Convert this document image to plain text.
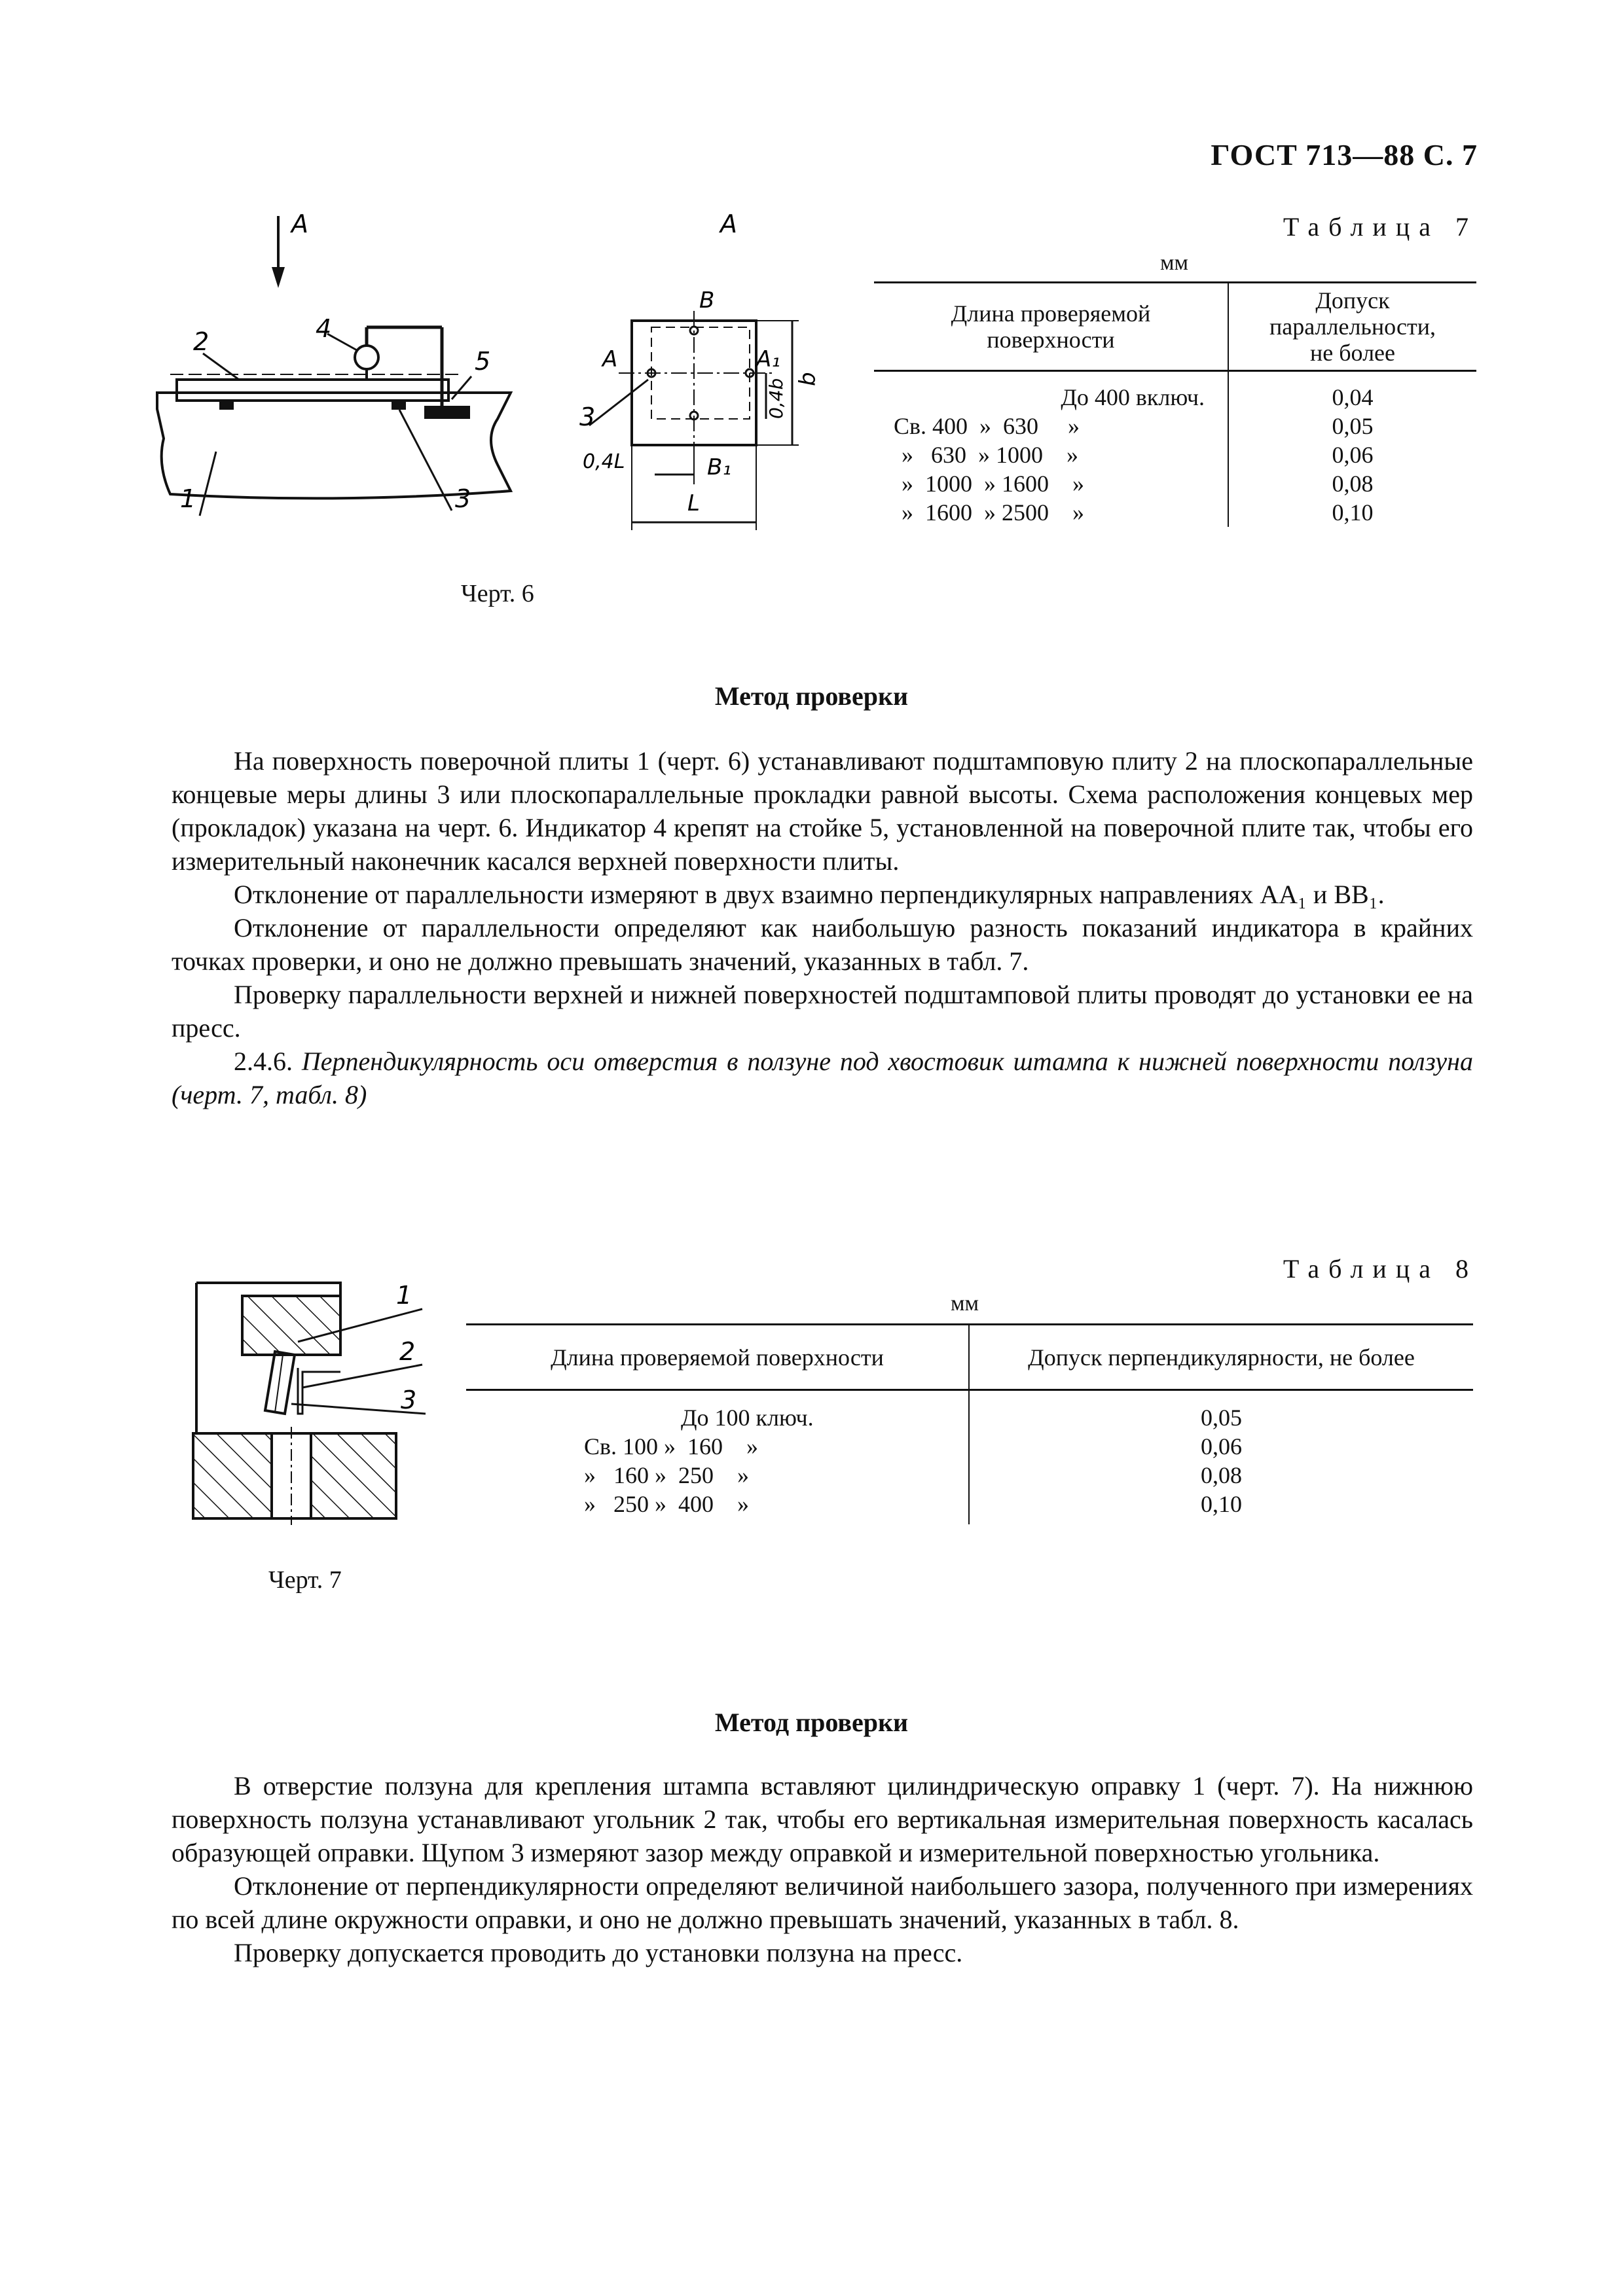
ГОСТ 713—88 С. 7
A
2	4
5
1	3
A
B
A	A₁
b
0,4b
0,4L	B₁
L
3
Черт. 6
Таблица 7
мм
Длина проверяемой поверхности	Допуск параллельности, не более
До 400 включ.	0,04
Св. 400  »  630     »	0,05
»   630  » 1000    »	0,06
»  1000  » 1600    »	0,08
»  1600  » 2500    »	0,10
Метод проверки
На поверхность поверочной плиты 1 (черт. 6) устанавливают подштамповую плиту 2 на плоскопараллельные концевые меры длины 3 или плоскопараллельные прокладки равной высоты. Схема расположения концевых мер (прокладок) указана на черт. 6. Индикатор 4 крепят на стойке 5, установленной на поверочной плите так, чтобы его измерительный наконечник касался верхней поверхности плиты.
Отклонение от параллельности измеряют в двух взаимно перпендикулярных направлениях AA₁ и BB₁.
Отклонение от параллельности определяют как наибольшую разность показаний индикатора в крайних точках проверки, и оно не должно превышать значений, указанных в табл. 7.
Проверку параллельности верхней и нижней поверхностей подштамповой плиты проводят до установки ее на пресс.
2.4.6. Перпендикулярность оси отверстия в ползуне под хвостовик штампа к нижней поверхности ползуна (черт. 7, табл. 8)
1
2
3
Черт. 7
Таблица 8
мм
Длина проверяемой поверхности	Допуск перпендикулярности, не более
До 100 ключ.	0,05
Св. 100 »  160    »	0,06
»   160 »  250    »	0,08
»   250 »  400    »	0,10
Метод проверки
В отверстие ползуна для крепления штампа вставляют цилиндрическую оправку 1 (черт. 7). На нижнюю поверхность ползуна устанавливают угольник 2 так, чтобы его вертикальная измерительная поверхность касалась образующей оправки. Щупом 3 измеряют зазор между оправкой и измерительной поверхностью угольника.
Отклонение от перпендикулярности определяют величиной наибольшего зазора, полученного при измерениях по всей длине окружности оправки, и оно не должно превышать значений, указанных в табл. 8.
Проверку допускается проводить до установки ползуна на пресс.
